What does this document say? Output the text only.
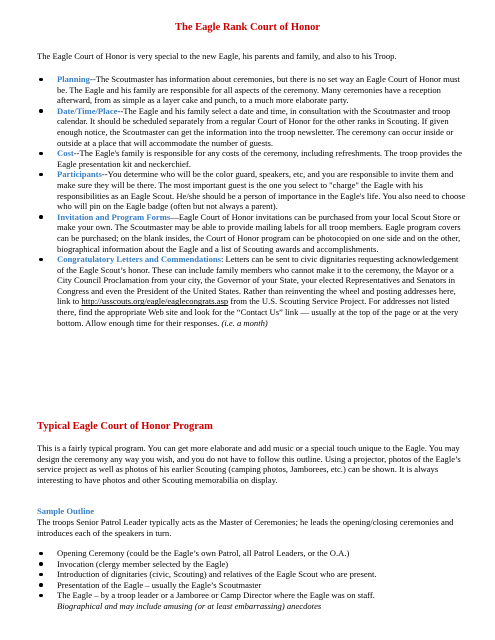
The Eagle Rank Court of Honor
The Eagle Court of Honor is very special to the new Eagle, his parents and family, and also to his Troop.
Planning--The Scoutmaster has information about ceremonies, but there is no set way an Eagle Court of Honor must be. The Eagle and his family are responsible for all aspects of the ceremony. Many ceremonies have a reception afterward, from as simple as a layer cake and punch, to a much more elaborate party.
Date/Time/Place--The Eagle and his family select a date and time, in consultation with the Scoutmaster and troop calendar. It should be scheduled separately from a regular Court of Honor for the other ranks in Scouting. If given enough notice, the Scoutmaster can get the information into the troop newsletter. The ceremony can occur inside or outside at a place that will accommodate the number of guests.
Cost--The Eagle's family is responsible for any costs of the ceremony, including refreshments. The troop provides the Eagle presentation kit and neckerchief.
Participants--You determine who will be the color guard, speakers, etc, and you are responsible to invite them and make sure they will be there. The most important guest is the one you select to "charge" the Eagle with his responsibilities as an Eagle Scout. He/she should be a person of importance in the Eagle's life. You also need to choose who will pin on the Eagle badge (often but not always a parent).
Invitation and Program Forms—Eagle Court of Honor invitations can be purchased from your local Scout Store or make your own. The Scoutmaster may be able to provide mailing labels for all troop members. Eagle program covers can be purchased; on the blank insides, the Court of Honor program can be photocopied on one side and on the other, biographical information about the Eagle and a list of Scouting awards and accomplishments.
Congratulatory Letters and Commendations: Letters can be sent to civic dignitaries requesting acknowledgement of the Eagle Scout’s honor. These can include family members who cannot make it to the ceremony, the Mayor or a City Council Proclamation from your city, the Governor of your State, your elected Representatives and Senators in Congress and even the President of the United States. Rather than reinventing the wheel and posting addresses here, link to http://usscouts.org/eagle/eaglecongrats.asp from the U.S. Scouting Service Project. For addresses not listed there, find the appropriate Web site and look for the “Contact Us” link — usually at the top of the page or at the very bottom. Allow enough time for their responses. (i.e. a month)
Typical Eagle Court of Honor Program
This is a fairly typical program. You can get more elaborate and add music or a special touch unique to the Eagle. You may design the ceremony any way you wish, and you do not have to follow this outline. Using a projector, photos of the Eagle’s service project as well as photos of his earlier Scouting (camping photos, Jamborees, etc.) can be shown. It is always interesting to have photos and other Scouting memorabilia on display.
Sample Outline
The troops Senior Patrol Leader typically acts as the Master of Ceremonies; he leads the opening/closing ceremonies and introduces each of the speakers in turn.
Opening Ceremony (could be the Eagle’s own Patrol, all Patrol Leaders, or the O.A.)
Invocation (clergy member selected by the Eagle)
Introduction of dignitaries (civic, Scouting) and relatives of the Eagle Scout who are present.
Presentation of the Eagle – usually the Eagle’s Scoutmaster
The Eagle – by a troop leader or a Jamboree or Camp Director where the Eagle was on staff.
Biographical and may include amusing (or at least embarrassing) anecdotes
